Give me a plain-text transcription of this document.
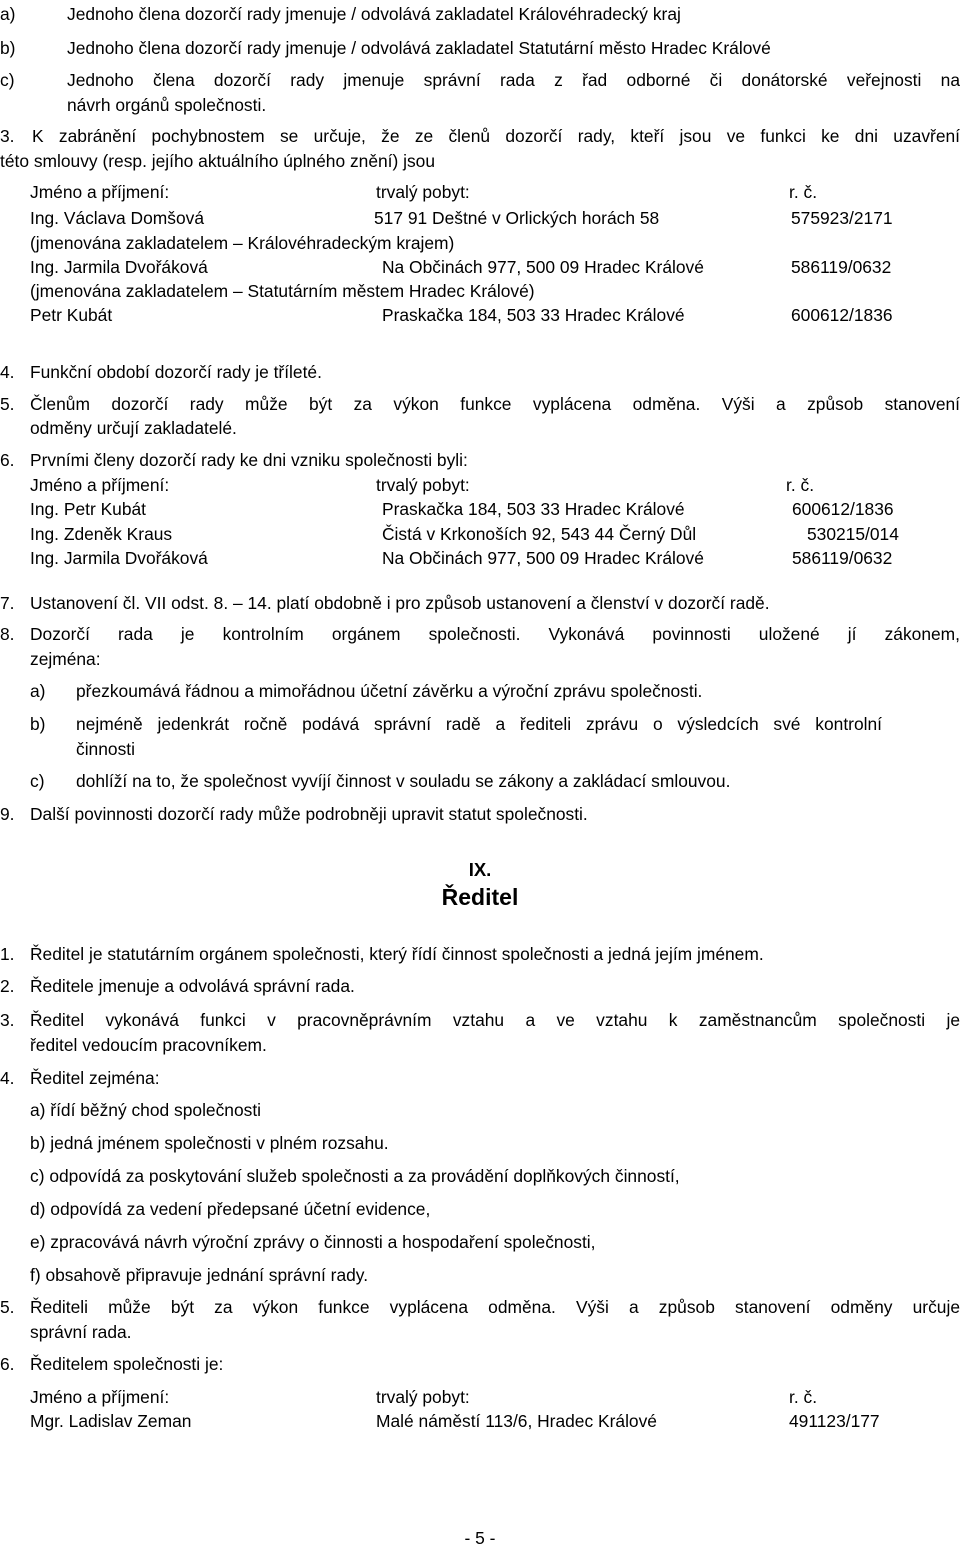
a)	Jednoho člena dozorčí rady jmenuje / odvolává zakladatel Královéhradecký kraj
b)	Jednoho člena dozorčí rady jmenuje / odvolává zakladatel Statutární město Hradec Králové
c)	Jednoho člena dozorčí rady jmenuje správní rada z řad odborné či donátorské veřejnosti na
návrh orgánů společnosti.
3. K zabránění pochybnostem se určuje, že ze členů dozorčí rady, kteří jsou ve funkci ke dni uzavření
této smlouvy (resp. jejího aktuálního úplného znění) jsou
Jméno a příjmení:	trvalý pobyt:	r. č.
Ing. Václava Domšová	517 91 Deštné v Orlických horách 58	575923/2171
(jmenována zakladatelem – Královéhradeckým krajem)
Ing. Jarmila Dvořáková	Na Občinách 977, 500 09 Hradec Králové	586119/0632
(jmenována zakladatelem – Statutárním městem Hradec Králové)
Petr Kubát	Praskačka 184, 503 33 Hradec Králové	600612/1836
4. Funkční období dozorčí rady je tříleté.
5. Členům dozorčí rady může být za výkon funkce vyplácena odměna. Výši a způsob stanovení
odměny určují zakladatelé.
6. Prvními členy dozorčí rady ke dni vzniku společnosti byli:
Jméno a příjmení:	trvalý pobyt:	r. č.
Ing. Petr Kubát	Praskačka 184, 503 33 Hradec Králové	600612/1836
Ing. Zdeněk Kraus	Čistá v Krkonoších 92, 543 44 Černý Důl	530215/014
Ing. Jarmila Dvořáková	Na Občinách 977, 500 09 Hradec Králové	586119/0632
7. Ustanovení čl. VII odst. 8. – 14. platí obdobně i pro způsob ustanovení a členství v dozorčí radě.
8. Dozorčí rada je kontrolním orgánem společnosti. Vykonává povinnosti uložené jí zákonem,
zejména:
a) přezkoumává řádnou a mimořádnou účetní závěrku a výroční zprávu společnosti.
b) nejméně jedenkrát ročně podává správní radě a řediteli zprávu o výsledcích své kontrolní
činnosti
c) dohlíží na to, že společnost vyvíjí činnost v souladu se zákony a zakládací smlouvou.
9. Další povinnosti dozorčí rady může podrobněji upravit statut společnosti.
IX.
Ředitel
1. Ředitel je statutárním orgánem společnosti, který řídí činnost společnosti a jedná jejím jménem.
2. Ředitele jmenuje a odvolává správní rada.
3. Ředitel vykonává funkci v pracovněprávním vztahu a ve vztahu k zaměstnancům společnosti je
ředitel vedoucím pracovníkem.
4. Ředitel zejména:
a) řídí běžný chod společnosti
b) jedná jménem společnosti v plném rozsahu.
c) odpovídá za poskytování služeb společnosti a za provádění doplňkových činností,
d) odpovídá za vedení předepsané účetní evidence,
e) zpracovává návrh výroční zprávy o činnosti a hospodaření společnosti,
f) obsahově připravuje jednání správní rady.
5. Řediteli může být za výkon funkce vyplácena odměna. Výši a způsob stanovení odměny určuje
správní rada.
6. Ředitelem společnosti je:
Jméno a příjmení:	trvalý pobyt:	r. č.
Mgr. Ladislav Zeman	Malé náměstí 113/6, Hradec Králové	491123/177
- 5 -
